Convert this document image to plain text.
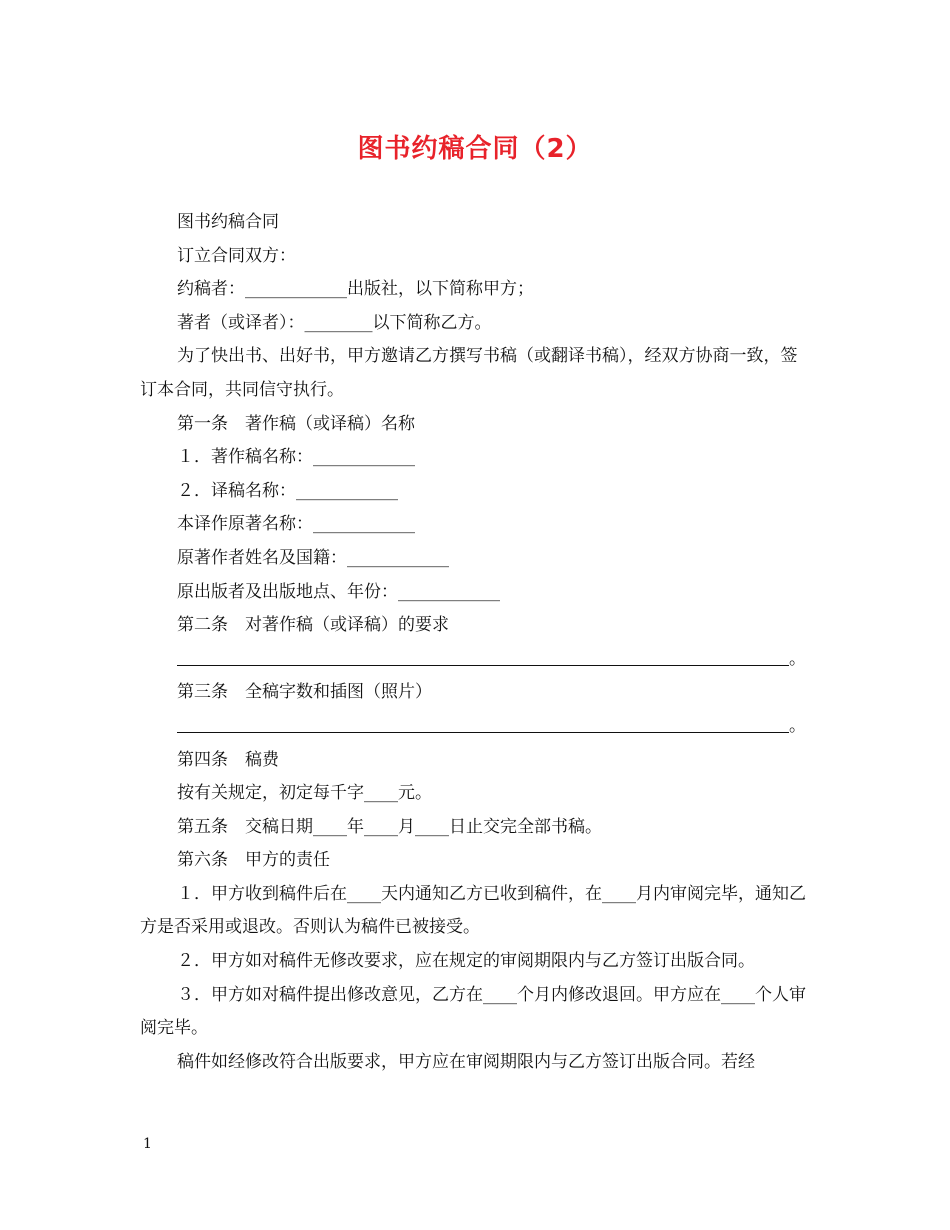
图书约稿合同（2）

图书约稿合同

订立合同双方：

约稿者：____________出版社，以下简称甲方；

著者（或译者）：________以下简称乙方。

为了快出书、出好书，甲方邀请乙方撰写书稿（或翻译书稿），经双方协商一致，签订本合同，共同信守执行。

第一条　著作稿（或译稿）名称

１．著作稿名称：____________

２．译稿名称：____________

本译作原著名称：____________

原著作者姓名及国籍：____________

原出版者及出版地点、年份：____________

第二条　对著作稿（或译稿）的要求

。

第三条　全稿字数和插图（照片）

。

第四条　稿费

按有关规定，初定每千字____元。

第五条　交稿日期____年____月____日止交完全部书稿。

第六条　甲方的责任

１．甲方收到稿件后在____天内通知乙方已收到稿件，在____月内审阅完毕，通知乙方是否采用或退改。否则认为稿件已被接受。

２．甲方如对稿件无修改要求，应在规定的审阅期限内与乙方签订出版合同。

３．甲方如对稿件提出修改意见，乙方在____个月内修改退回。甲方应在____个人审阅完毕。

稿件如经修改符合出版要求，甲方应在审阅期限内与乙方签订出版合同。若经

1
